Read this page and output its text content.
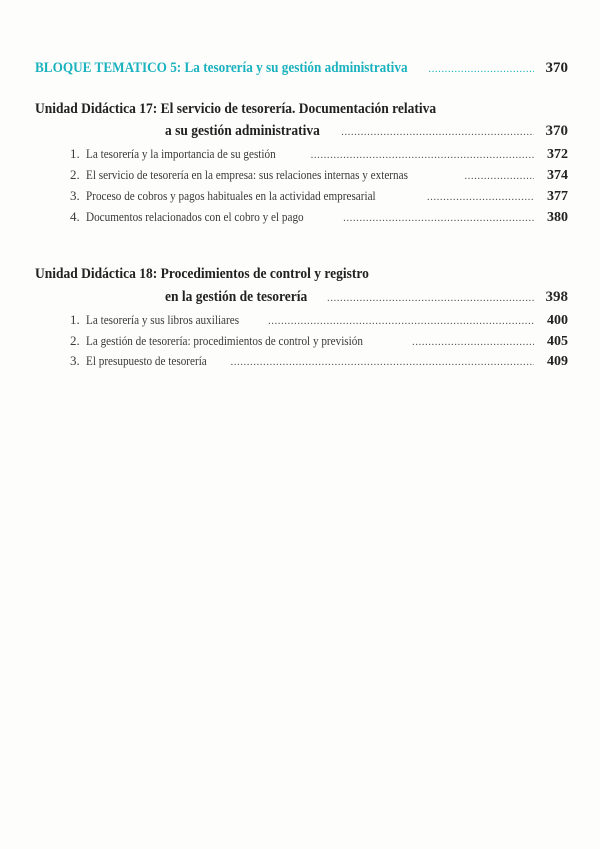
BLOQUE TEMATICO 5: La tesorería y su gestión administrativa .....	370
Unidad Didáctica 17: El servicio de tesorería. Documentación relativa
a su gestión administrativa .....	370
1. La tesorería y la importancia de su gestión .....	372
2. El servicio de tesorería en la empresa: sus relaciones internas y externas .....	374
3. Proceso de cobros y pagos habituales en la actividad empresarial .....	377
4. Documentos relacionados con el cobro y el pago .....	380
Unidad Didáctica 18: Procedimientos de control y registro
en la gestión de tesorería .....	398
1. La tesorería y sus libros auxiliares .....	400
2. La gestión de tesorería: procedimientos de control y previsión .....	405
3. El presupuesto de tesorería .....	409
